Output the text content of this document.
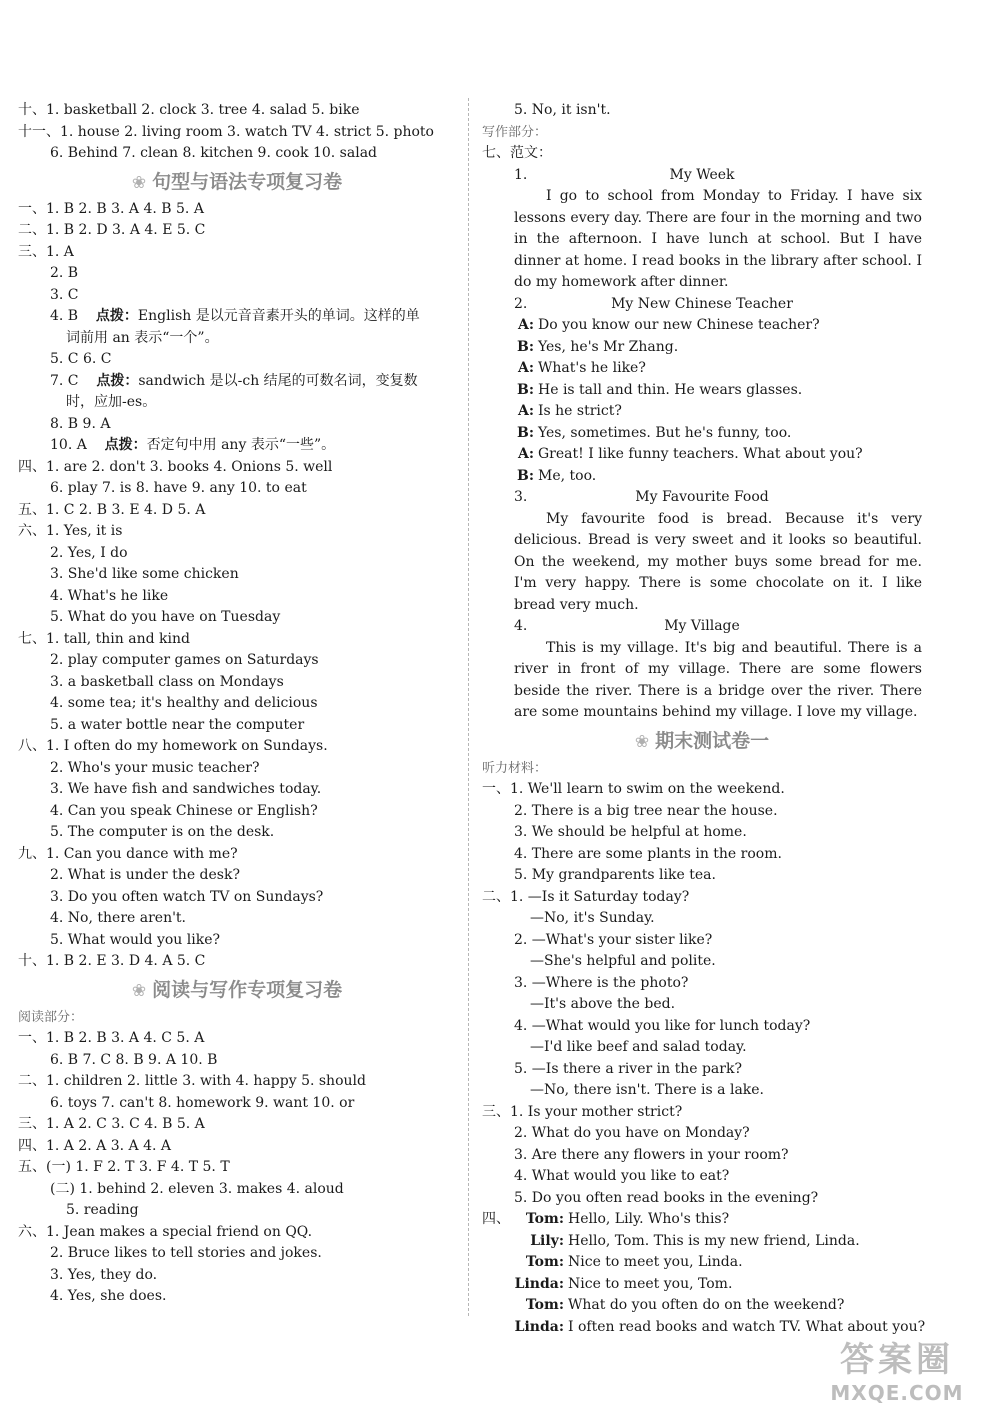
十、1. basketball 2. clock 3. tree 4. salad 5. bike
十一、1. house 2. living room 3. watch TV 4. strict 5. photo
6. Behind 7. clean 8. kitchen 9. cook 10. salad
❀ 句型与语法专项复习卷
一、1. B 2. B 3. A 4. B 5. A
二、1. B 2. D 3. A 4. E 5. C
三、1. A
2. B
3. C
4. B 点拨：English 是以元音音素开头的单词。这样的单
词前用 an 表示“一个”。
5. C 6. C
7. C 点拨：sandwich 是以-ch 结尾的可数名词，变复数
时，应加-es。
8. B 9. A
10. A 点拨：否定句中用 any 表示“一些”。
四、1. are 2. don't 3. books 4. Onions 5. well
6. play 7. is 8. have 9. any 10. to eat
五、1. C 2. B 3. E 4. D 5. A
六、1. Yes, it is
2. Yes, I do
3. She'd like some chicken
4. What's he like
5. What do you have on Tuesday
七、1. tall, thin and kind
2. play computer games on Saturdays
3. a basketball class on Mondays
4. some tea; it's healthy and delicious
5. a water bottle near the computer
八、1. I often do my homework on Sundays.
2. Who's your music teacher?
3. We have fish and sandwiches today.
4. Can you speak Chinese or English?
5. The computer is on the desk.
九、1. Can you dance with me?
2. What is under the desk?
3. Do you often watch TV on Sundays?
4. No, there aren't.
5. What would you like?
十、1. B 2. E 3. D 4. A 5. C
❀ 阅读与写作专项复习卷
阅读部分：
一、1. B 2. B 3. A 4. C 5. A
6. B 7. C 8. B 9. A 10. B
二、1. children 2. little 3. with 4. happy 5. should
6. toys 7. can't 8. homework 9. want 10. or
三、1. A 2. C 3. C 4. B 5. A
四、1. A 2. A 3. A 4. A
五、(一) 1. F 2. T 3. F 4. T 5. T
(二) 1. behind 2. eleven 3. makes 4. aloud
5. reading
六、1. Jean makes a special friend on QQ.
2. Bruce likes to tell stories and jokes.
3. Yes, they do.
4. Yes, she does.
5. No, it isn't.
写作部分：
七、范文：
1.	My Week
I go to school from Monday to Friday. I have six lessons every day. There are four in the morning and two in the afternoon. I have lunch at school. But I have dinner at home. I read books in the library after school. I do my homework after dinner.
2.	My New Chinese Teacher
A: Do you know our new Chinese teacher?
B: Yes, he's Mr Zhang.
A: What's he like?
B: He is tall and thin. He wears glasses.
A: Is he strict?
B: Yes, sometimes. But he's funny, too.
A: Great! I like funny teachers. What about you?
B: Me, too.
3.	My Favourite Food
My favourite food is bread. Because it's very delicious. Bread is very sweet and it looks so beautiful. On the weekend, my mother buys some bread for me. I'm very happy. There is some chocolate on it. I like bread very much.
4.	My Village
This is my village. It's big and beautiful. There is a river in front of my village. There are some flowers beside the river. There is a bridge over the river. There are some mountains behind my village. I love my village.
❀ 期末测试卷一
听力材料：
一、1. We'll learn to swim on the weekend.
2. There is a big tree near the house.
3. We should be helpful at home.
4. There are some plants in the room.
5. My grandparents like tea.
二、1. —Is it Saturday today?
—No, it's Sunday.
2. —What's your sister like?
—She's helpful and polite.
3. —Where is the photo?
—It's above the bed.
4. —What would you like for lunch today?
—I'd like beef and salad today.
5. —Is there a river in the park?
—No, there isn't. There is a lake.
三、1. Is your mother strict?
2. What do you have on Monday?
3. Are there any flowers in your room?
4. What would you like to eat?
5. Do you often read books in the evening?
四、 Tom: Hello, Lily. Who's this?
Lily: Hello, Tom. This is my new friend, Linda.
Tom: Nice to meet you, Linda.
Linda: Nice to meet you, Tom.
Tom: What do you often do on the weekend?
Linda: I often read books and watch TV. What about you?
答案圈
MXQE.COM
